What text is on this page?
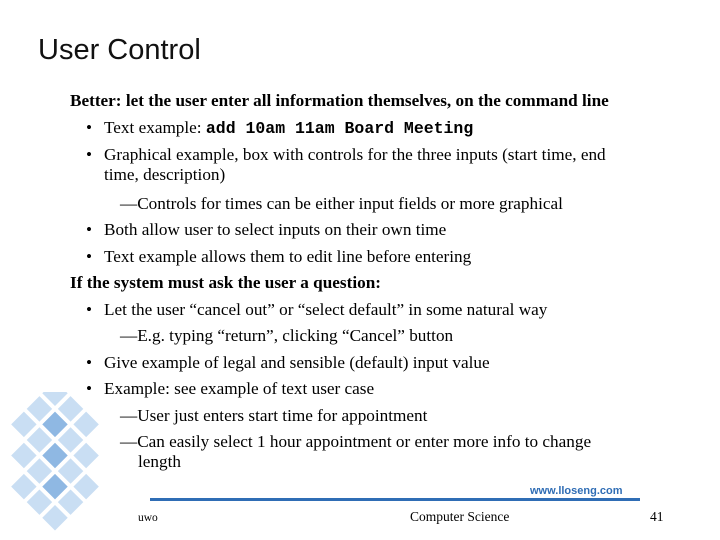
User Control
Better: let the user enter all information themselves, on the command line
• Text example: add 10am 11am Board Meeting
• Graphical example, box with controls for the three inputs (start time, end
time, description)
—Controls for times can be either input fields or more graphical
• Both allow user to select inputs on their own time
• Text example allows them to edit line before entering
If the system must ask the user a question:
• Let the user “cancel out” or “select default” in some natural way
—E.g. typing “return”, clicking “Cancel” button
• Give example of legal and sensible (default) input value
• Example: see example of text user case
—User just enters start time for appointment
—Can easily select 1 hour appointment or enter more info to change
length
www.lloseng.com
uwo	Computer Science	41
